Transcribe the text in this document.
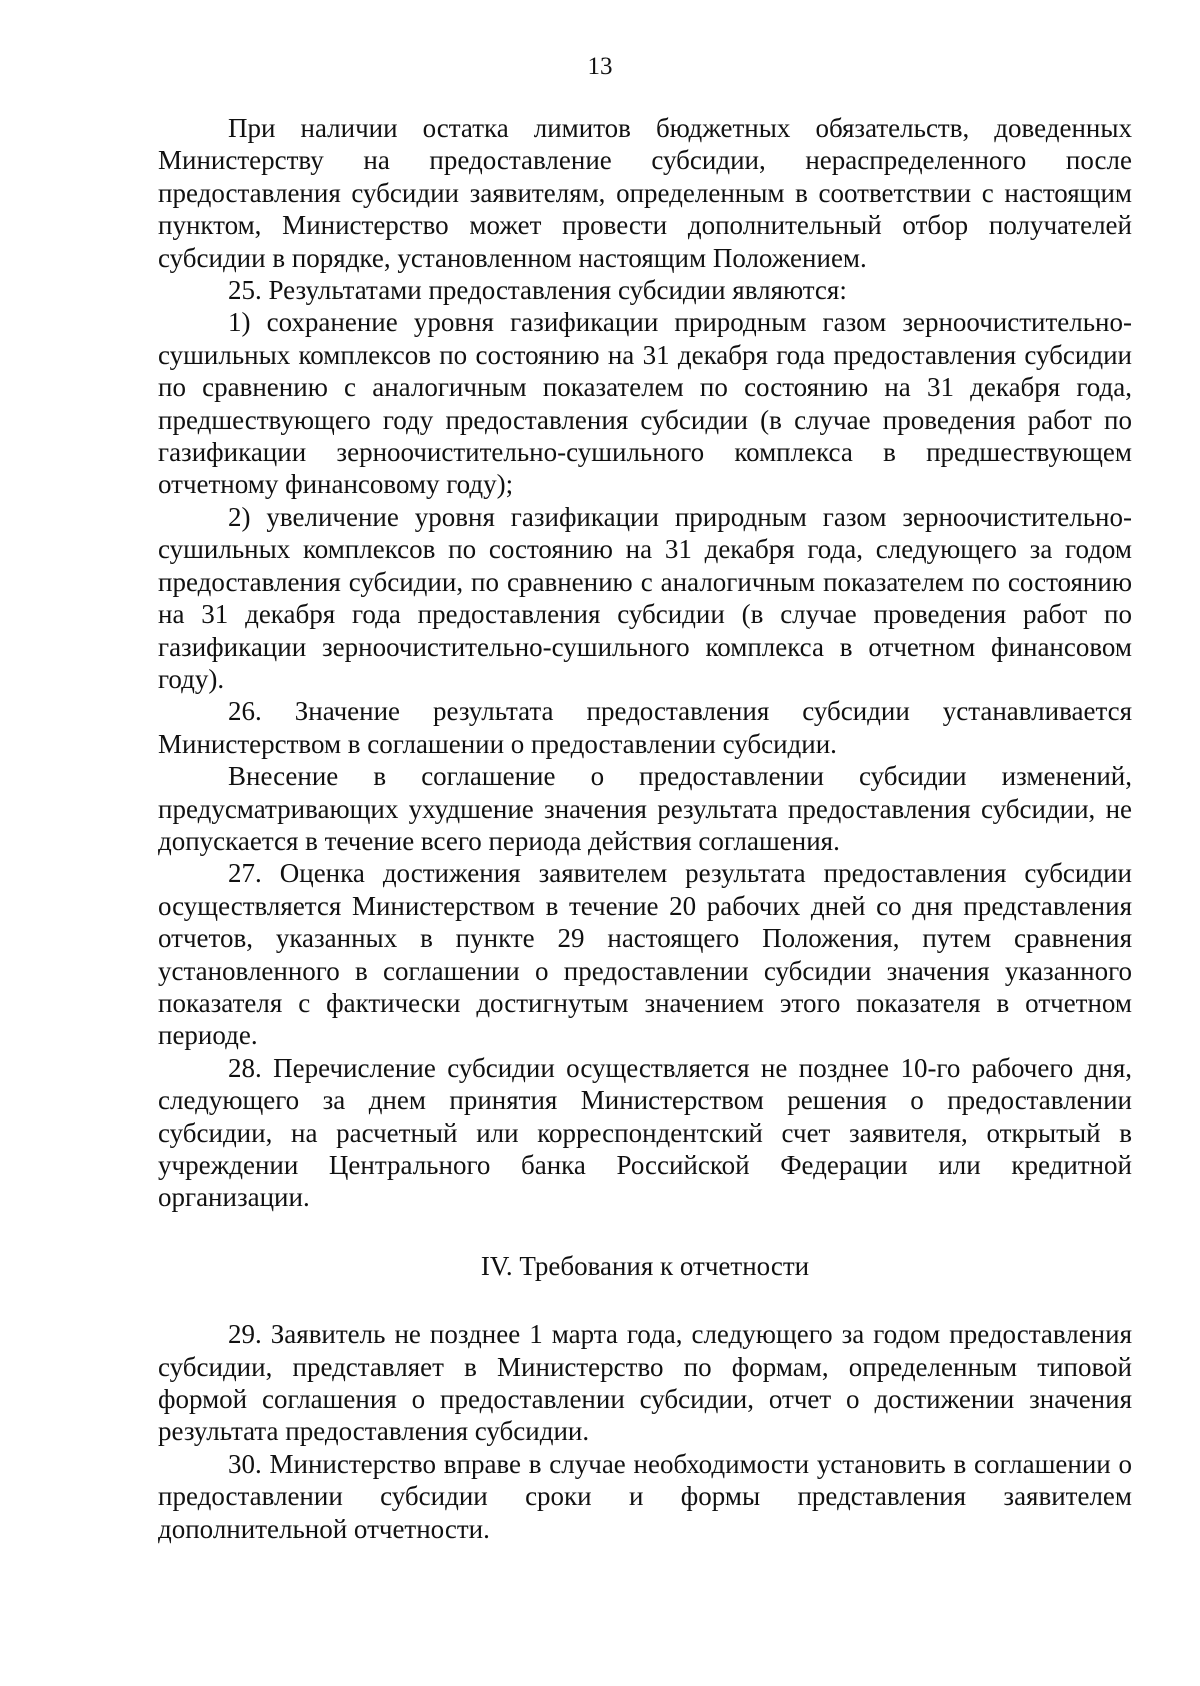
13

При наличии остатка лимитов бюджетных обязательств, доведенных Министерству на предоставление субсидии, нераспределенного после предоставления субсидии заявителям, определенным в соответствии с настоящим пунктом, Министерство может провести дополнительный отбор получателей субсидии в порядке, установленном настоящим Положением.

25. Результатами предоставления субсидии являются:

1) сохранение уровня газификации природным газом зерноочистительно-сушильных комплексов по состоянию на 31 декабря года предоставления субсидии по сравнению с аналогичным показателем по состоянию на 31 декабря года, предшествующего году предоставления субсидии (в случае проведения работ по газификации зерноочистительно-сушильного комплекса в предшествующем отчетному финансовому году);

2) увеличение уровня газификации природным газом зерноочистительно-сушильных комплексов по состоянию на 31 декабря года, следующего за годом предоставления субсидии, по сравнению с аналогичным показателем по состоянию на 31 декабря года предоставления субсидии (в случае проведения работ по газификации зерноочистительно-сушильного комплекса в отчетном финансовом году).

26. Значение результата предоставления субсидии устанавливается Министерством в соглашении о предоставлении субсидии.

Внесение в соглашение о предоставлении субсидии изменений, предусматривающих ухудшение значения результата предоставления субсидии, не допускается в течение всего периода действия соглашения.

27. Оценка достижения заявителем результата предоставления субсидии осуществляется Министерством в течение 20 рабочих дней со дня представления отчетов, указанных в пункте 29 настоящего Положения, путем сравнения установленного в соглашении о предоставлении субсидии значения указанного показателя с фактически достигнутым значением этого показателя в отчетном периоде.

28. Перечисление субсидии осуществляется не позднее 10-го рабочего дня, следующего за днем принятия Министерством решения о предоставлении субсидии, на расчетный или корреспондентский счет заявителя, открытый в учреждении Центрального банка Российской Федерации или кредитной организации.

IV. Требования к отчетности

29. Заявитель не позднее 1 марта года, следующего за годом предоставления субсидии, представляет в Министерство по формам, определенным типовой формой соглашения о предоставлении субсидии, отчет о достижении значения результата предоставления субсидии.

30. Министерство вправе в случае необходимости установить в соглашении о предоставлении субсидии сроки и формы представления заявителем дополнительной отчетности.
